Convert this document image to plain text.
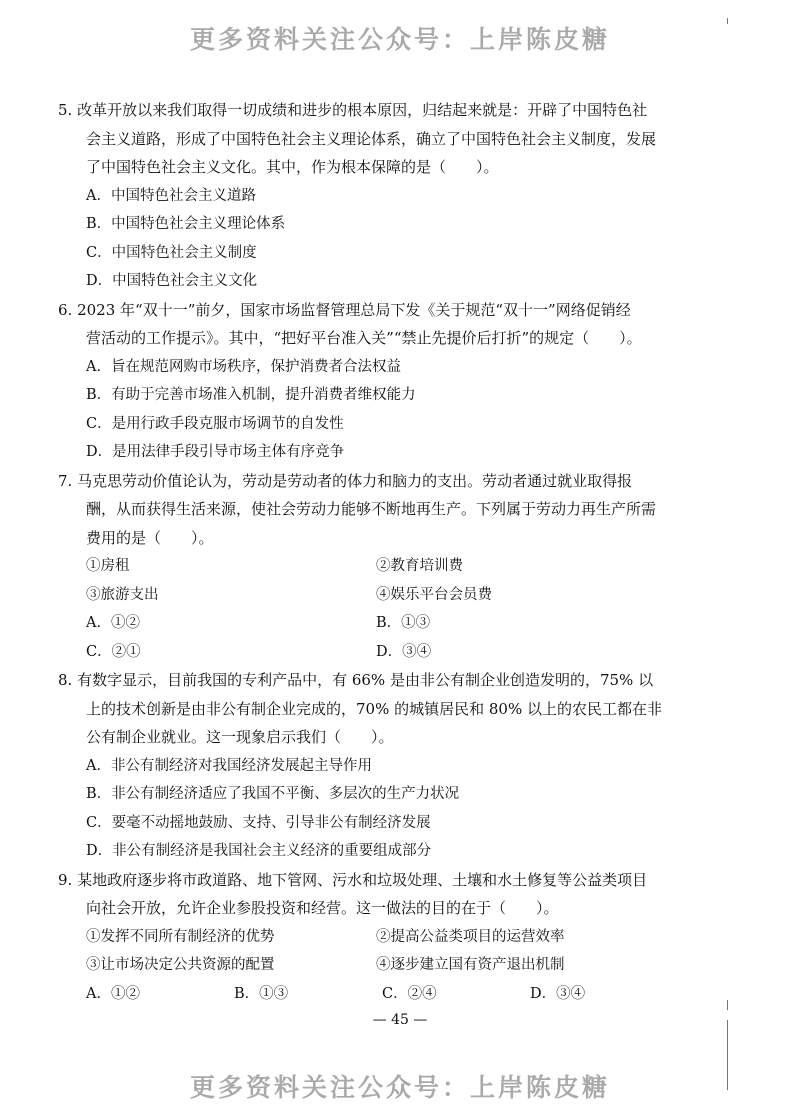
更多资料关注公众号：上岸陈皮糖
5. 改革开放以来我们取得一切成绩和进步的根本原因，归结起来就是：开辟了中国特色社
会主义道路，形成了中国特色社会主义理论体系，确立了中国特色社会主义制度，发展
了中国特色社会主义文化。其中，作为根本保障的是（　　）。
A．中国特色社会主义道路
B．中国特色社会主义理论体系
C．中国特色社会主义制度
D．中国特色社会主义文化
6. 2023 年“双十一”前夕，国家市场监督管理总局下发《关于规范“双十一”网络促销经
营活动的工作提示》。其中，“把好平台准入关”“禁止先提价后打折”的规定（　　）。
A．旨在规范网购市场秩序，保护消费者合法权益
B．有助于完善市场准入机制，提升消费者维权能力
C．是用行政手段克服市场调节的自发性
D．是用法律手段引导市场主体有序竞争
7. 马克思劳动价值论认为，劳动是劳动者的体力和脑力的支出。劳动者通过就业取得报
酬，从而获得生活来源，使社会劳动力能够不断地再生产。下列属于劳动力再生产所需
费用的是（　　）。
①房租	②教育培训费
③旅游支出	④娱乐平台会员费
A．①②	B．①③
C．②①	D．③④
8. 有数字显示，目前我国的专利产品中，有 66% 是由非公有制企业创造发明的，75% 以
上的技术创新是由非公有制企业完成的，70% 的城镇居民和 80% 以上的农民工都在非
公有制企业就业。这一现象启示我们（　　）。
A．非公有制经济对我国经济发展起主导作用
B．非公有制经济适应了我国不平衡、多层次的生产力状况
C．要毫不动摇地鼓励、支持、引导非公有制经济发展
D．非公有制经济是我国社会主义经济的重要组成部分
9. 某地政府逐步将市政道路、地下管网、污水和垃圾处理、土壤和水土修复等公益类项目
向社会开放，允许企业参股投资和经营。这一做法的目的在于（　　）。
①发挥不同所有制经济的优势	②提高公益类项目的运营效率
③让市场决定公共资源的配置	④逐步建立国有资产退出机制
A．①②	B．①③	C．②④	D．③④
— 45 —
更多资料关注公众号：上岸陈皮糖
